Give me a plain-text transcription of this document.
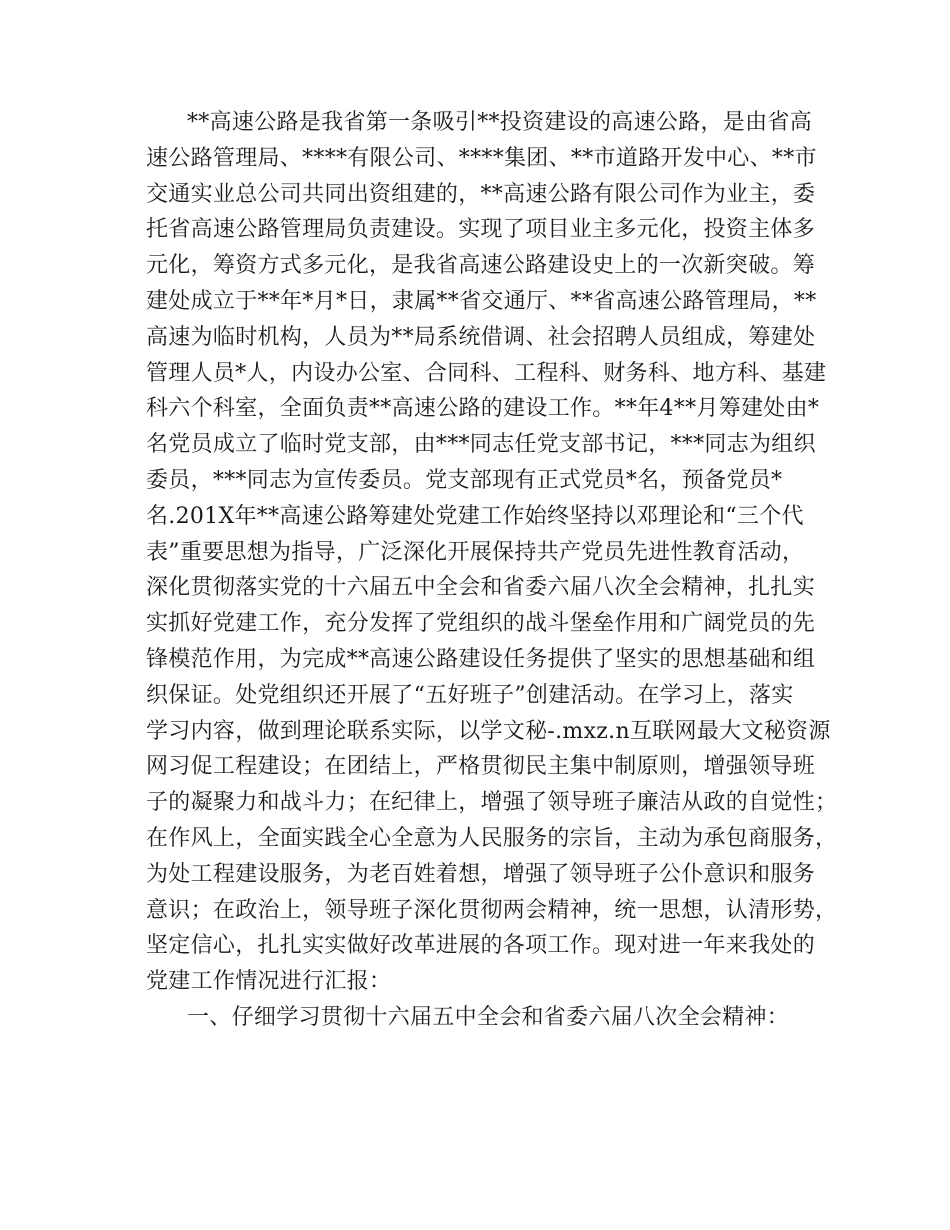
**高速公路是我省第一条吸引**投资建设的高速公路，是由省高
速公路管理局、****有限公司、****集团、**市道路开发中心、**市
交通实业总公司共同出资组建的，**高速公路有限公司作为业主，委
托省高速公路管理局负责建设。实现了项目业主多元化，投资主体多
元化，筹资方式多元化，是我省高速公路建设史上的一次新突破。筹
建处成立于**年*月*日，隶属**省交通厅、**省高速公路管理局，**
高速为临时机构，人员为**局系统借调、社会招聘人员组成，筹建处
管理人员*人，内设办公室、合同科、工程科、财务科、地方科、基建
科六个科室，全面负责**高速公路的建设工作。**年4**月筹建处由*
名党员成立了临时党支部，由***同志任党支部书记，***同志为组织
委员，***同志为宣传委员。党支部现有正式党员*名，预备党员*
名.201X年**高速公路筹建处党建工作始终坚持以邓理论和“三个代
表”重要思想为指导，广泛深化开展保持共产党员先进性教育活动，
深化贯彻落实党的十六届五中全会和省委六届八次全会精神，扎扎实
实抓好党建工作，充分发挥了党组织的战斗堡垒作用和广阔党员的先
锋模范作用，为完成**高速公路建设任务提供了坚实的思想基础和组
织保证。处党组织还开展了“五好班子”创建活动。在学习上，落实
学习内容，做到理论联系实际，以学文秘-.mxz.n互联网最大文秘资源
网习促工程建设；在团结上，严格贯彻民主集中制原则，增强领导班
子的凝聚力和战斗力；在纪律上，增强了领导班子廉洁从政的自觉性；
在作风上，全面实践全心全意为人民服务的宗旨，主动为承包商服务，
为处工程建设服务，为老百姓着想，增强了领导班子公仆意识和服务
意识；在政治上，领导班子深化贯彻两会精神，统一思想，认清形势，
坚定信心，扎扎实实做好改革进展的各项工作。现对进一年来我处的
党建工作情况进行汇报：
一、仔细学习贯彻十六届五中全会和省委六届八次全会精神：
